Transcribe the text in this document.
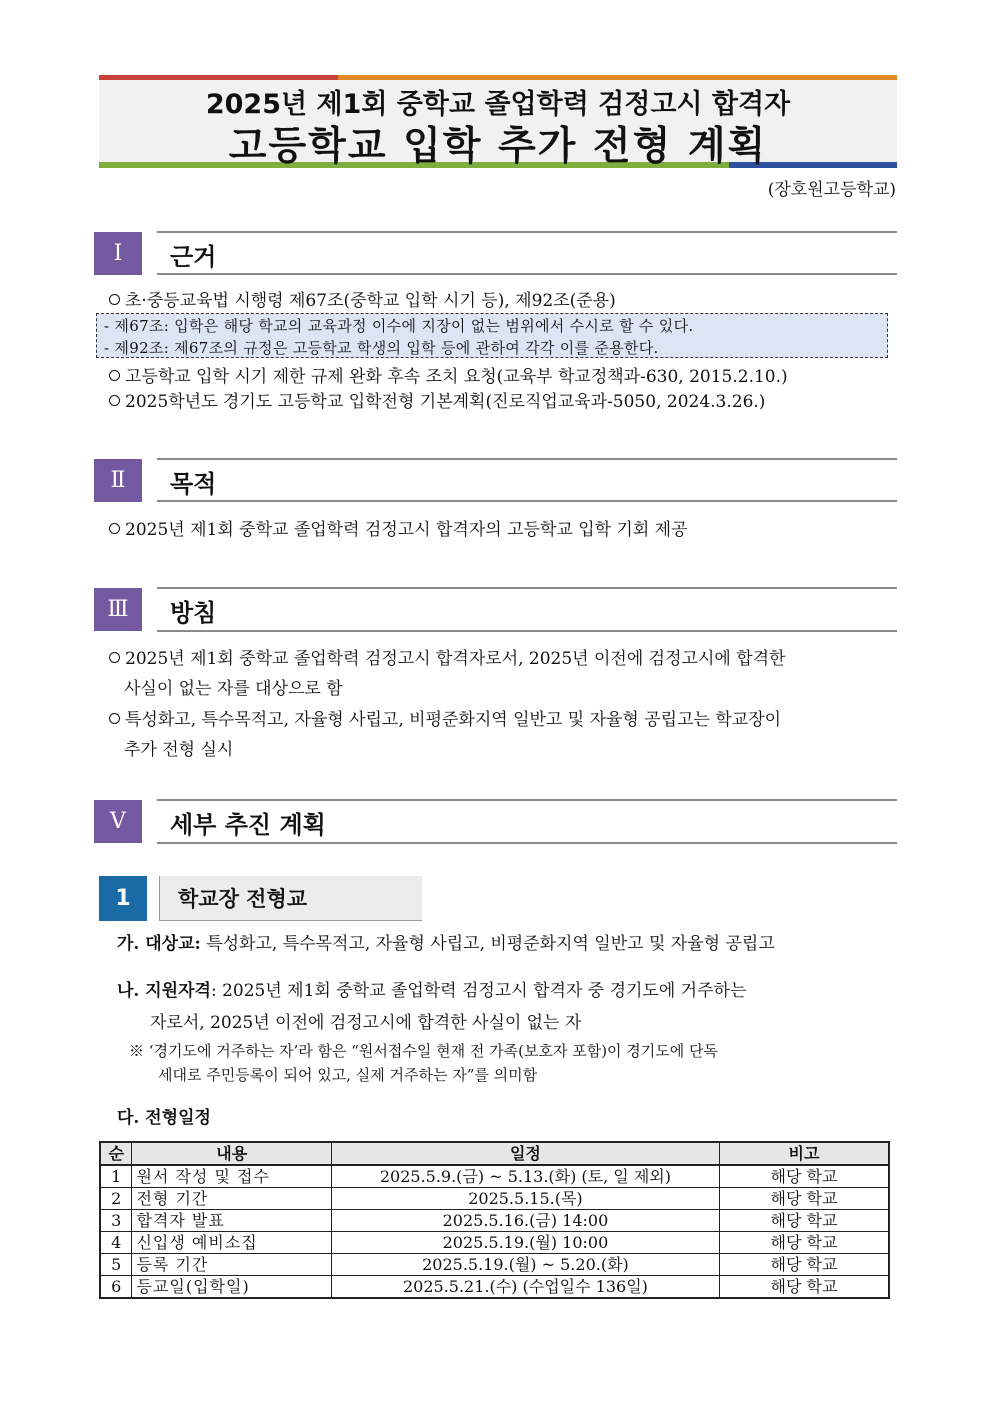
2025년 제1회 중학교 졸업학력 검정고시 합격자
고등학교 입학 추가 전형 계획
(장호원고등학교)
Ⅰ	근거
초·중등교육법 시행령 제67조(중학교 입학 시기 등), 제92조(준용)
- 제67조: 입학은 해당 학교의 교육과정 이수에 지장이 없는 범위에서 수시로 할 수 있다.
- 제92조: 제67조의 규정은 고등학교 학생의 입학 등에 관하여 각각 이를 준용한다.
고등학교 입학 시기 제한 규제 완화 후속 조치 요청(교육부 학교정책과-630, 2015.2.10.)
2025학년도 경기도 고등학교 입학전형 기본계획(진로직업교육과-5050, 2024.3.26.)
Ⅱ	목적
2025년 제1회 중학교 졸업학력 검정고시 합격자의 고등학교 입학 기회 제공
Ⅲ	방침
2025년 제1회 중학교 졸업학력 검정고시 합격자로서, 2025년 이전에 검정고시에 합격한
사실이 없는 자를 대상으로 함
특성화고, 특수목적고, 자율형 사립고, 비평준화지역 일반고 및 자율형 공립고는 학교장이
추가 전형 실시
Ⅴ	세부 추진 계획
1	학교장 전형교
가. 대상교: 특성화고, 특수목적고, 자율형 사립고, 비평준화지역 일반고 및 자율형 공립고
나. 지원자격: 2025년 제1회 중학교 졸업학력 검정고시 합격자 중 경기도에 거주하는
자로서, 2025년 이전에 검정고시에 합격한 사실이 없는 자
※ ‘경기도에 거주하는 자’라 함은 “원서접수일 현재 전 가족(보호자 포함)이 경기도에 단독
세대로 주민등록이 되어 있고, 실제 거주하는 자”를 의미함
다. 전형일정
순	내용	일정	비고
1	원서 작성 및 접수	2025.5.9.(금) ~ 5.13.(화) (토, 일 제외)	해당 학교
2	전형 기간	2025.5.15.(목)	해당 학교
3	합격자 발표	2025.5.16.(금) 14:00	해당 학교
4	신입생 예비소집	2025.5.19.(월) 10:00	해당 학교
5	등록 기간	2025.5.19.(월) ~ 5.20.(화)	해당 학교
6	등교일(입학일)	2025.5.21.(수) (수업일수 136일)	해당 학교
